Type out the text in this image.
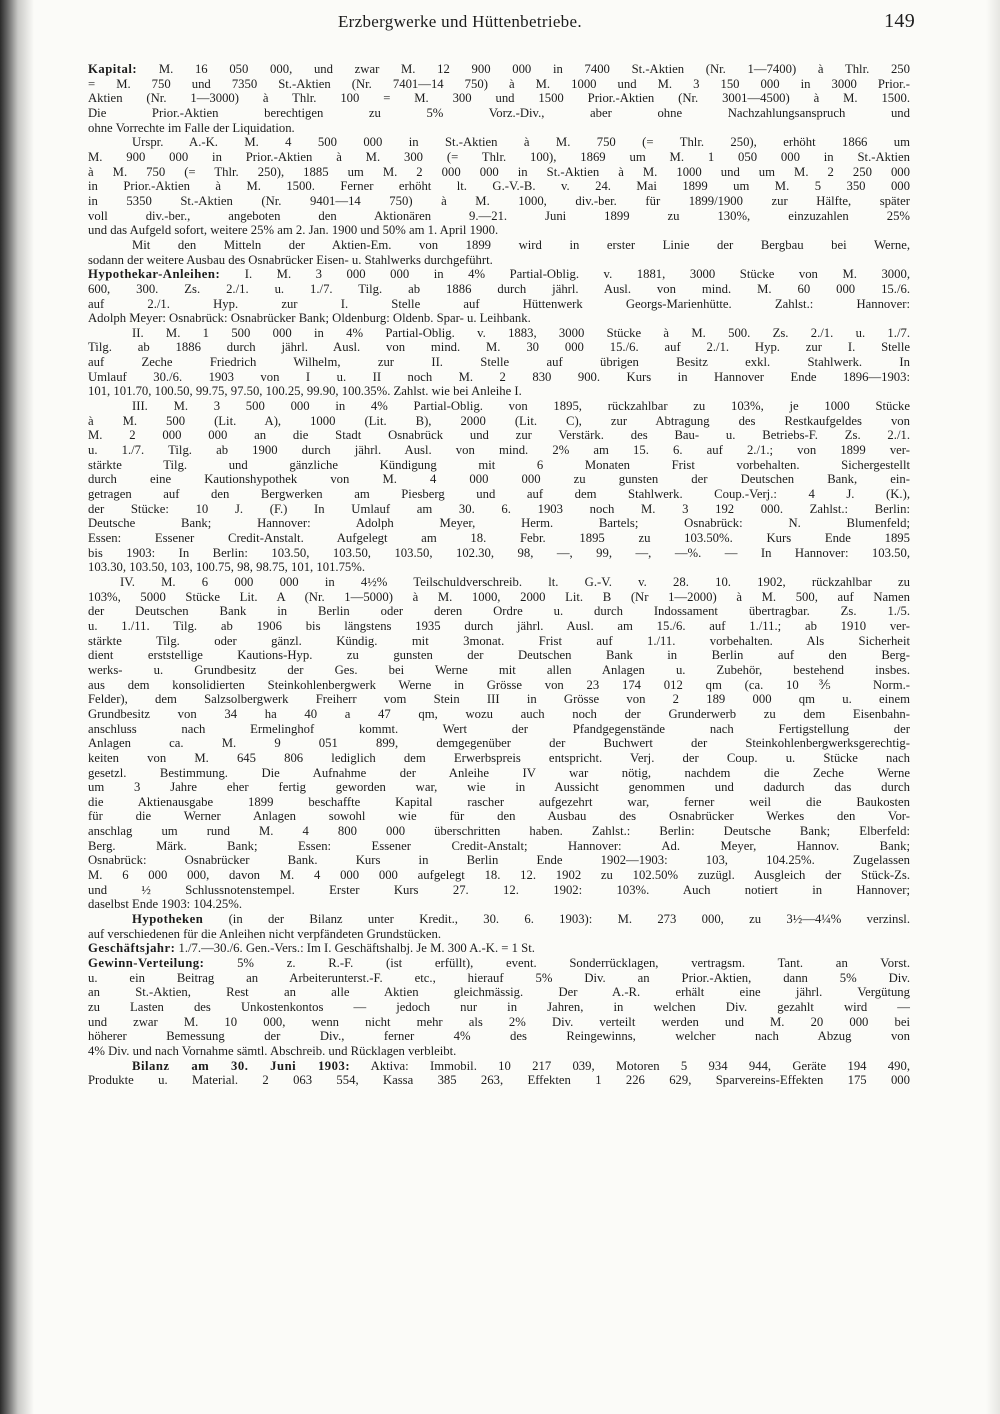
Erzbergwerke und Hüttenbetriebe.	149
Kapital: M. 16 050 000, und zwar M. 12 900 000 in 7400 St.-Aktien (Nr. 1—7400) à Thlr. 250
= M. 750 und 7350 St.-Aktien (Nr. 7401—14 750) à M. 1000 und M. 3 150 000 in 3000 Prior.-
Aktien (Nr. 1—3000) à Thlr. 100 = M. 300 und 1500 Prior.-Aktien (Nr. 3001—4500) à M. 1500.
Die Prior.-Aktien berechtigen zu 5% Vorz.-Div., aber ohne Nachzahlungsanspruch und
ohne Vorrechte im Falle der Liquidation.
Urspr. A.-K. M. 4 500 000 in St.-Aktien à M. 750 (= Thlr. 250), erhöht 1866 um
M. 900 000 in Prior.-Aktien à M. 300 (= Thlr. 100), 1869 um M. 1 050 000 in St.-Aktien
à M. 750 (= Thlr. 250), 1885 um M. 2 000 000 in St.-Aktien à M. 1000 und um M. 2 250 000
in Prior.-Aktien à M. 1500. Ferner erhöht lt. G.-V.-B. v. 24. Mai 1899 um M. 5 350 000
in 5350 St.-Aktien (Nr. 9401—14 750) à M. 1000, div.-ber. für 1899/1900 zur Hälfte, später
voll div.-ber., angeboten den Aktionären 9.—21. Juni 1899 zu 130%, einzuzahlen 25%
und das Aufgeld sofort, weitere 25% am 2. Jan. 1900 und 50% am 1. April 1900.
Mit den Mitteln der Aktien-Em. von 1899 wird in erster Linie der Bergbau bei Werne,
sodann der weitere Ausbau des Osnabrücker Eisen- u. Stahlwerks durchgeführt.
Hypothekar-Anleihen: I. M. 3 000 000 in 4% Partial-Oblig. v. 1881, 3000 Stücke von M. 3000,
600, 300. Zs. 2./1. u. 1./7. Tilg. ab 1886 durch jährl. Ausl. von mind. M. 60 000 15./6.
auf 2./1. Hyp. zur I. Stelle auf Hüttenwerk Georgs-Marienhütte. Zahlst.: Hannover:
Adolph Meyer: Osnabrück: Osnabrücker Bank; Oldenburg: Oldenb. Spar- u. Leihbank.
II. M. 1 500 000 in 4% Partial-Oblig. v. 1883, 3000 Stücke à M. 500. Zs. 2./1. u. 1./7.
Tilg. ab 1886 durch jährl. Ausl. von mind. M. 30 000 15./6. auf 2./1. Hyp. zur I. Stelle
auf Zeche Friedrich Wilhelm, zur II. Stelle auf übrigen Besitz exkl. Stahlwerk. In
Umlauf 30./6. 1903 von I u. II noch M. 2 830 900. Kurs in Hannover Ende 1896—1903:
101, 101.70, 100.50, 99.75, 97.50, 100.25, 99.90, 100.35%. Zahlst. wie bei Anleihe I.
III. M. 3 500 000 in 4% Partial-Oblig. von 1895, rückzahlbar zu 103%, je 1000 Stücke
à M. 500 (Lit. A), 1000 (Lit. B), 2000 (Lit. C), zur Abtragung des Restkaufgeldes von
M. 2 000 000 an die Stadt Osnabrück und zur Verstärk. des Bau- u. Betriebs-F. Zs. 2./1.
u. 1./7. Tilg. ab 1900 durch jährl. Ausl. von mind. 2% am 15. 6. auf 2./1.; von 1899 ver-
stärkte Tilg. und gänzliche Kündigung mit 6 Monaten Frist vorbehalten. Sichergestellt
durch eine Kautionshypothek von M. 4 000 000 zu gunsten der Deutschen Bank, ein-
getragen auf den Bergwerken am Piesberg und auf dem Stahlwerk. Coup.-Verj.: 4 J. (K.),
der Stücke: 10 J. (F.) In Umlauf am 30. 6. 1903 noch M. 3 192 000. Zahlst.: Berlin:
Deutsche Bank; Hannover: Adolph Meyer, Herm. Bartels; Osnabrück: N. Blumenfeld;
Essen: Essener Credit-Anstalt. Aufgelegt am 18. Febr. 1895 zu 103.50%. Kurs Ende 1895
bis 1903: In Berlin: 103.50, 103.50, 103.50, 102.30, 98, —, 99, —, —%. — In Hannover: 103.50,
103.30, 103.50, 103, 100.75, 98, 98.75, 101, 101.75%.
IV. M. 6 000 000 in 4½% Teilschuldverschreib. lt. G.-V. v. 28. 10. 1902, rückzahlbar zu
103%, 5000 Stücke Lit. A (Nr. 1—5000) à M. 1000, 2000 Lit. B (Nr 1—2000) à M. 500, auf Namen
der Deutschen Bank in Berlin oder deren Ordre u. durch Indossament übertragbar. Zs. 1./5.
u. 1./11. Tilg. ab 1906 bis längstens 1935 durch jährl. Ausl. am 15./6. auf 1./11.; ab 1910 ver-
stärkte Tilg. oder gänzl. Kündig. mit 3monat. Frist auf 1./11. vorbehalten. Als Sicherheit
dient erststellige Kautions-Hyp. zu gunsten der Deutschen Bank in Berlin auf den Berg-
werks- u. Grundbesitz der Ges. bei Werne mit allen Anlagen u. Zubehör, bestehend insbes.
aus dem konsolidierten Steinkohlenbergwerk Werne in Grösse von 23 174 012 qm (ca. 10⅗ Norm.-
Felder), dem Salzsolbergwerk Freiherr vom Stein III in Grösse von 2 189 000 qm u. einem
Grundbesitz von 34 ha 40 a 47 qm, wozu auch noch der Grunderwerb zu dem Eisenbahn-
anschluss nach Ermelinghof kommt. Wert der Pfandgegenstände nach Fertigstellung der
Anlagen ca. M. 9 051 899, demgegenüber der Buchwert der Steinkohlenbergwerksgerechtig-
keiten von M. 645 806 lediglich dem Erwerbspreis entspricht. Verj. der Coup. u. Stücke nach
gesetzl. Bestimmung. Die Aufnahme der Anleihe IV war nötig, nachdem die Zeche Werne
um 3 Jahre eher fertig geworden war, wie in Aussicht genommen und dadurch das durch
die Aktienausgabe 1899 beschaffte Kapital rascher aufgezehrt war, ferner weil die Baukosten
für die Werner Anlagen sowohl wie für den Ausbau des Osnabrücker Werkes den Vor-
anschlag um rund M. 4 800 000 überschritten haben. Zahlst.: Berlin: Deutsche Bank; Elberfeld:
Berg. Märk. Bank; Essen: Essener Credit-Anstalt; Hannover: Ad. Meyer, Hannov. Bank;
Osnabrück: Osnabrücker Bank. Kurs in Berlin Ende 1902—1903: 103, 104.25%. Zugelassen
M. 6 000 000, davon M. 4 000 000 aufgelegt 18. 12. 1902 zu 102.50% zuzügl. Ausgleich der Stück-Zs.
und ½ Schlussnotenstempel. Erster Kurs 27. 12. 1902: 103%. Auch notiert in Hannover;
daselbst Ende 1903: 104.25%.
Hypotheken (in der Bilanz unter Kredit., 30. 6. 1903): M. 273 000, zu 3½—4¼% verzinsl.
auf verschiedenen für die Anleihen nicht verpfändeten Grundstücken.
Geschäftsjahr: 1./7.—30./6. Gen.-Vers.: Im I. Geschäftshalbj. Je M. 300 A.-K. = 1 St.
Gewinn-Verteilung: 5% z. R.-F. (ist erfüllt), event. Sonderrücklagen, vertragsm. Tant. an Vorst.
u. ein Beitrag an Arbeiterunterst.-F. etc., hierauf 5% Div. an Prior.-Aktien, dann 5% Div.
an St.-Aktien, Rest an alle Aktien gleichmässig. Der A.-R. erhält eine jährl. Vergütung
zu Lasten des Unkostenkontos — jedoch nur in Jahren, in welchen Div. gezahlt wird —
und zwar M. 10 000, wenn nicht mehr als 2% Div. verteilt werden und M. 20 000 bei
höherer Bemessung der Div., ferner 4% des Reingewinns, welcher nach Abzug von
4% Div. und nach Vornahme sämtl. Abschreib. und Rücklagen verbleibt.
Bilanz am 30. Juni 1903: Aktiva: Immobil. 10 217 039, Motoren 5 934 944, Geräte 194 490,
Produkte u. Material. 2 063 554, Kassa 385 263, Effekten 1 226 629, Sparvereins-Effekten 175 000
